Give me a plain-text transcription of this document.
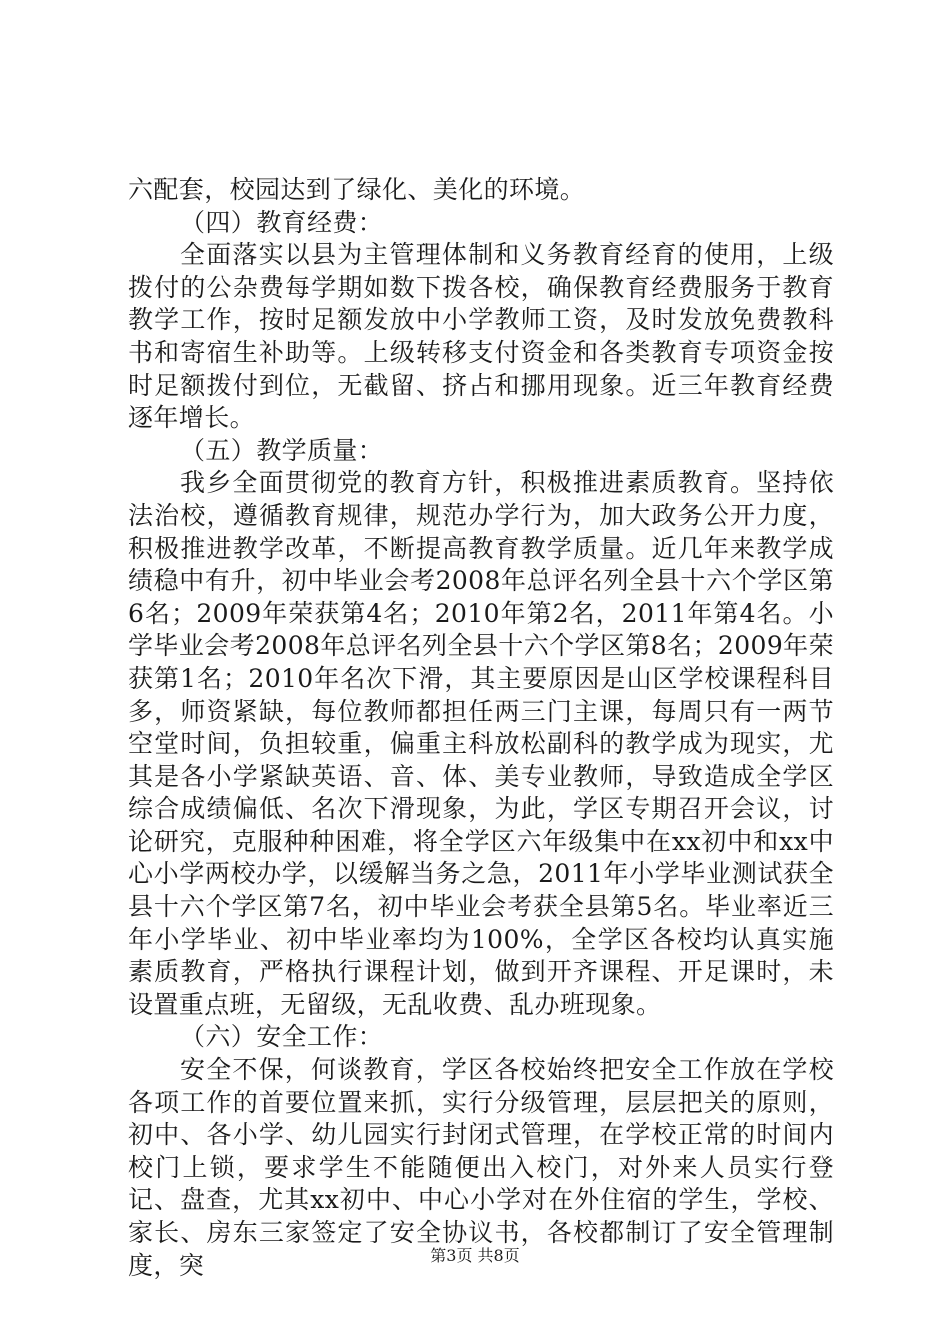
六配套，校园达到了绿化、美化的环境。

（四）教育经费：

全面落实以县为主管理体制和义务教育经育的使用，上级拨付的公杂费每学期如数下拨各校，确保教育经费服务于教育教学工作，按时足额发放中小学教师工资，及时发放免费教科书和寄宿生补助等。上级转移支付资金和各类教育专项资金按时足额拨付到位，无截留、挤占和挪用现象。近三年教育经费逐年增长。

（五）教学质量：

我乡全面贯彻党的教育方针，积极推进素质教育。坚持依法治校，遵循教育规律，规范办学行为，加大政务公开力度，积极推进教学改革，不断提高教育教学质量。近几年来教学成绩稳中有升，初中毕业会考2008年总评名列全县十六个学区第6名；2009年荣获第4名；2010年第2名，2011年第4名。小学毕业会考2008年总评名列全县十六个学区第8名；2009年荣获第1名；2010年名次下滑，其主要原因是山区学校课程科目多，师资紧缺，每位教师都担任两三门主课，每周只有一两节空堂时间，负担较重，偏重主科放松副科的教学成为现实，尤其是各小学紧缺英语、音、体、美专业教师，导致造成全学区综合成绩偏低、名次下滑现象，为此，学区专期召开会议，讨论研究，克服种种困难，将全学区六年级集中在xx初中和xx中心小学两校办学，以缓解当务之急，2011年小学毕业测试获全县十六个学区第7名，初中毕业会考获全县第5名。毕业率近三年小学毕业、初中毕业率均为100%，全学区各校均认真实施素质教育，严格执行课程计划，做到开齐课程、开足课时，未设置重点班，无留级，无乱收费、乱办班现象。

（六）安全工作：

安全不保，何谈教育，学区各校始终把安全工作放在学校各项工作的首要位置来抓，实行分级管理，层层把关的原则，初中、各小学、幼儿园实行封闭式管理，在学校正常的时间内校门上锁，要求学生不能随便出入校门，对外来人员实行登记、盘查，尤其xx初中、中心小学对在外住宿的学生，学校、家长、房东三家签定了安全协议书，各校都制订了安全管理制度，突	第3页 共8页
